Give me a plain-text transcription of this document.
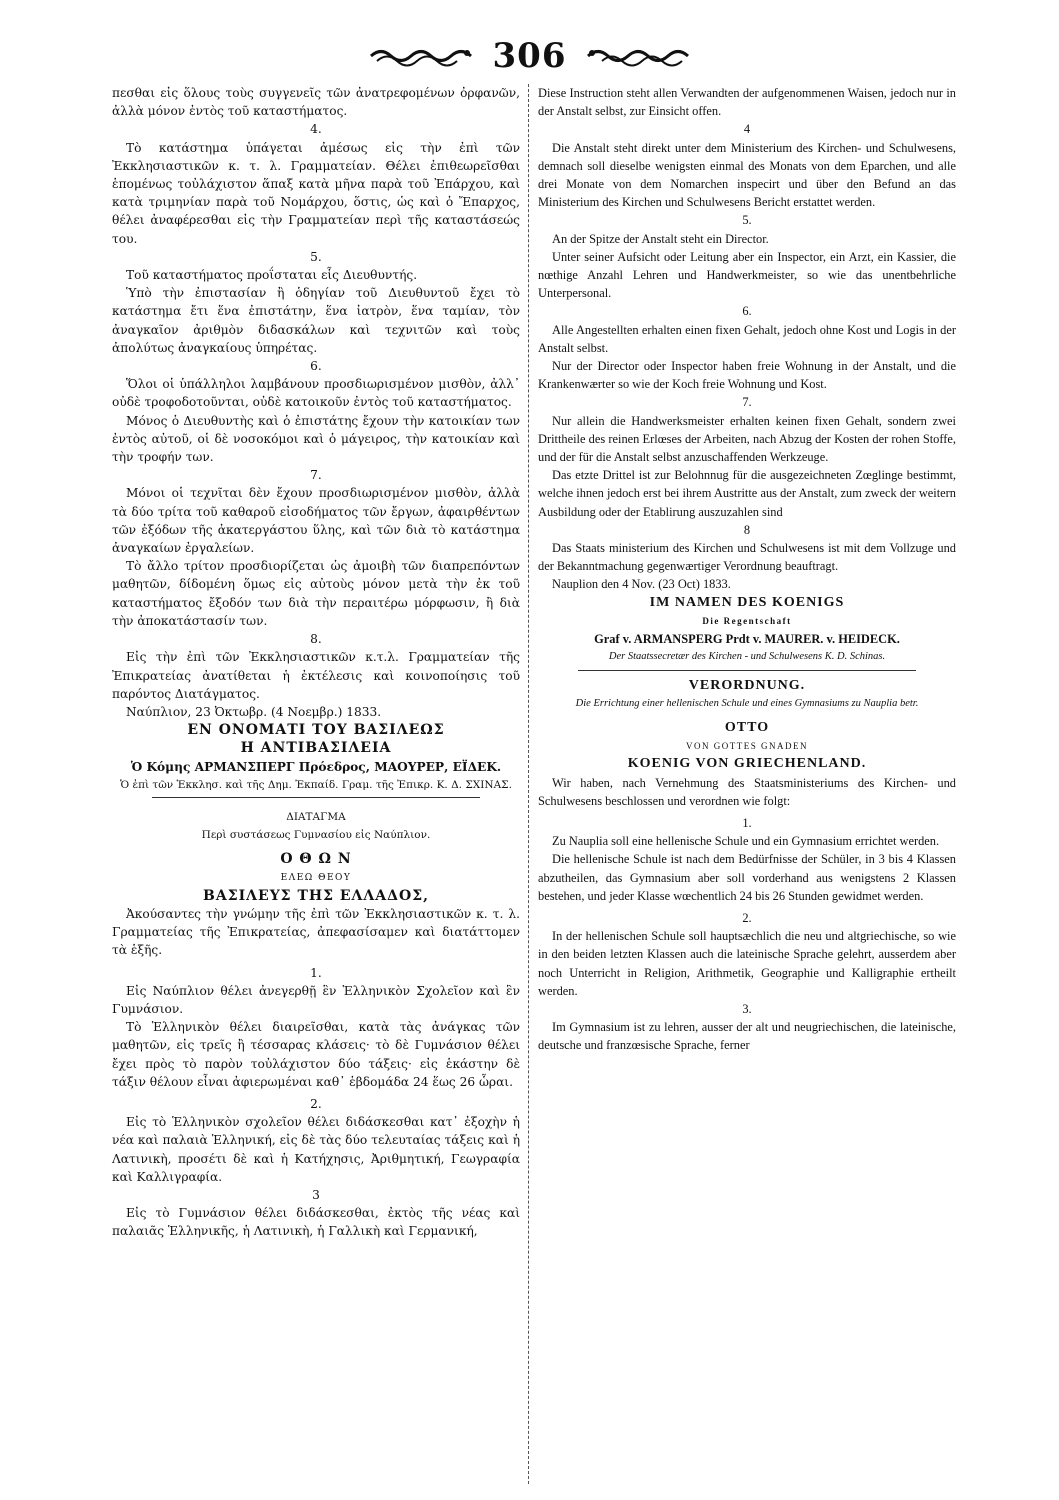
306

πεσθαι εἰς ὅλους τοὺς συγγενεῖς τῶν ἀνατρεφομένων ὀρφανῶν, ἀλλὰ μόνον ἐντὸς τοῦ καταστήματος.

4.

Τὸ κατάστημα ὑπάγεται ἀμέσως εἰς τὴν ἐπὶ τῶν Ἐκκλησιαστικῶν κ. τ. λ. Γραμματείαν. Θέλει ἐπιθεωρεῖσθαι ἑπομένως τοὐλάχιστον ἅπαξ κατὰ μῆνα παρὰ τοῦ Ἐπάρχου, καὶ κατὰ τριμηνίαν παρὰ τοῦ Νομάρχου, ὅστις, ὡς καὶ ὁ Ἔπαρχος, θέλει ἀναφέρεσθαι εἰς τὴν Γραμματείαν περὶ τῆς καταστάσεώς του.

5.

Τοῦ καταστήματος προΐσταται εἷς Διευθυντής.

Ὑπὸ τὴν ἐπιστασίαν ἢ ὁδηγίαν τοῦ Διευθυντοῦ ἔχει τὸ κατάστημα ἔτι ἕνα ἐπιστάτην, ἕνα ἰατρὸν, ἕνα ταμίαν, τὸν ἀναγκαῖον ἀριθμὸν διδασκάλων καὶ τεχνιτῶν καὶ τοὺς ἀπολύτως ἀναγκαίους ὑπηρέτας.

6.

Ὅλοι οἱ ὑπάλληλοι λαμβάνουν προσδιωρισμένον μισθὸν, ἀλλ᾽ οὐδὲ τροφοδοτοῦνται, οὐδὲ κατοικοῦν ἐντὸς τοῦ καταστήματος.

Μόνος ὁ Διευθυντὴς καὶ ὁ ἐπιστάτης ἔχουν τὴν κατοικίαν των ἐντὸς αὐτοῦ, οἱ δὲ νοσοκόμοι καὶ ὁ μάγειρος, τὴν κατοικίαν καὶ τὴν τροφήν των.

7.

Μόνοι οἱ τεχνῖται δὲν ἔχουν προσδιωρισμένον μισθὸν, ἀλλὰ τὰ δύο τρίτα τοῦ καθαροῦ εἰσοδήματος τῶν ἔργων, ἀφαιρθέντων τῶν ἐξόδων τῆς ἀκατεργάστου ὕλης, καὶ τῶν διὰ τὸ κατάστημα ἀναγκαίων ἐργαλείων.

Τὸ ἄλλο τρίτον προσδιορίζεται ὡς ἀμοιβὴ τῶν διαπρεπόντων μαθητῶν, δίδομένη ὅμως εἰς αὐτοὺς μόνον μετὰ τὴν ἐκ τοῦ καταστήματος ἔξοδόν των διὰ τὴν περαιτέρω μόρφωσιν, ἢ διὰ τὴν ἀποκατάστασίν των.

8.

Εἰς τὴν ἐπὶ τῶν Ἐκκλησιαστικῶν κ.τ.λ. Γραμματείαν τῆς Ἐπικρατείας ἀνατίθεται ἡ ἐκτέλεσις καὶ κοινοποίησις τοῦ παρόντος Διατάγματος.

Ναύπλιον, 23 Ὀκτωβρ. (4 Νοεμβρ.) 1833.

ΕΝ ΟΝΟΜΑΤΙ ΤΟΥ ΒΑΣΙΛΕΩΣ

Η ΑΝΤΙΒΑΣΙΛΕΙΑ

Ὁ Κόμης ΑΡΜΑΝΣΠΕΡΓ Πρόεδρος, ΜΑΟΥΡΕΡ, ΕΪΔΕΚ.

Ὁ ἐπὶ τῶν Ἐκκλησ. καὶ τῆς Δημ. Ἐκπαίδ. Γραμ. τῆς Ἐπικρ. Κ. Δ. ΣΧΙΝΑΣ.

ΔΙΑΤΑΓΜΑ

Περὶ συστάσεως Γυμνασίου εἰς Ναύπλιον.

Ο Θ Ω Ν

ΕΛΕΩ ΘΕΟΥ

ΒΑΣΙΛΕΥΣ ΤΗΣ ΕΛΛΑΔΟΣ,

Ἀκούσαντες τὴν γνώμην τῆς ἐπὶ τῶν Ἐκκλησιαστικῶν κ. τ. λ. Γραμματείας τῆς Ἐπικρατείας, ἀπεφασίσαμεν καὶ διατάττομεν τὰ ἑξῆς.

1.

Εἰς Ναύπλιον θέλει ἀνεγερθῇ ἓν Ἑλληνικὸν Σχολεῖον καὶ ἓν Γυμνάσιον.

Τὸ Ἑλληνικὸν θέλει διαιρεῖσθαι, κατὰ τὰς ἀνάγκας τῶν μαθητῶν, εἰς τρεῖς ἢ τέσσαρας κλάσεις· τὸ δὲ Γυμνάσιον θέλει ἔχει πρὸς τὸ παρὸν τοὐλάχιστον δύο τάξεις· εἰς ἑκάστην δὲ τάξιν θέλουν εἶναι ἀφιερωμέναι καθ᾽ ἑβδομάδα 24 ἕως 26 ὧραι.

2.

Εἰς τὸ Ἑλληνικὸν σχολεῖον θέλει διδάσκεσθαι κατ᾽ ἐξοχὴν ἡ νέα καὶ παλαιὰ Ἑλληνική, εἰς δὲ τὰς δύο τελευταίας τάξεις καὶ ἡ Λατινικὴ, προσέτι δὲ καὶ ἡ Κατήχησις, Ἀριθμητική, Γεωγραφία καὶ Καλλιγραφία.

3

Εἰς τὸ Γυμνάσιον θέλει διδάσκεσθαι, ἐκτὸς τῆς νέας καὶ παλαιᾶς Ἑλληνικῆς, ἡ Λατινικὴ, ἡ Γαλλικὴ καὶ Γερμανική,

Diese Instruction steht allen Verwandten der aufgenommenen Waisen, jedoch nur in der Anstalt selbst, zur Einsicht offen.

4

Die Anstalt steht direkt unter dem Ministerium des Kirchen- und Schulwesens, demnach soll dieselbe wenigsten einmal des Monats von dem Eparchen, und alle drei Monate von dem Nomarchen inspecirt und über den Befund an das Ministerium des Kirchen und Schulwesens Bericht erstattet werden.

5.

An der Spitze der Anstalt steht ein Director.

Unter seiner Aufsicht oder Leitung aber ein Inspector, ein Arzt, ein Kassier, die nœthige Anzahl Lehren und Handwerkmeister, so wie das unentbehrliche Unterpersonal.

6.

Alle Angestellten erhalten einen fixen Gehalt, jedoch ohne Kost und Logis in der Anstalt selbst.

Nur der Director oder Inspector haben freie Wohnung in der Anstalt, und die Krankenwærter so wie der Koch freie Wohnung und Kost.

7.

Nur allein die Handwerksmeister erhalten keinen fixen Gehalt, sondern zwei Drittheile des reinen Erlœses der Arbeiten, nach Abzug der Kosten der rohen Stoffe, und der für die Anstalt selbst anzuschaffenden Werkzeuge.

Das etzte Drittel ist zur Belohnnug für die ausgezeichneten Zœglinge bestimmt, welche ihnen jedoch erst bei ihrem Austritte aus der Anstalt, zum zweck der weitern Ausbildung oder der Etablirung auszuzahlen sind

8

Das Staats ministerium des Kirchen und Schulwesens ist mit dem Vollzuge und der Bekanntmachung gegenwærtiger Verordnung beauftragt.

Nauplion den 4 Nov. (23 Oct) 1833.

IM NAMEN DES KOENIGS

Die Regentschaft

Graf v. ARMANSPERG Prdt v. MAURER. v. HEIDECK.

Der Staatssecretær des Kirchen - und Schulwesens K. D. Schinas.

VERORDNUNG.

Die Errichtung einer hellenischen Schule und eines Gymnasiums zu Nauplia betr.

OTTO

VON GOTTES GNADEN

KOENIG VON GRIECHENLAND.

Wir haben, nach Vernehmung des Staatsministeriums des Kirchen- und Schulwesens beschlossen und verordnen wie folgt:

1.

Zu Nauplia soll eine hellenische Schule und ein Gymnasium errichtet werden.

Die hellenische Schule ist nach dem Bedürfnisse der Schüler, in 3 bis 4 Klassen abzutheilen, das Gymnasium aber soll vorderhand aus wenigstens 2 Klassen bestehen, und jeder Klasse wœchentlich 24 bis 26 Stunden gewidmet werden.

2.

In der hellenischen Schule soll hauptsæchlich die neu und altgriechische, so wie in den beiden letzten Klassen auch die lateinische Sprache gelehrt, ausserdem aber noch Unterricht in Religion, Arithmetik, Geographie und Kalligraphie ertheilt werden.

3.

Im Gymnasium ist zu lehren, ausser der alt und neugriechischen, die lateinische, deutsche und franzœsische Sprache, ferner
